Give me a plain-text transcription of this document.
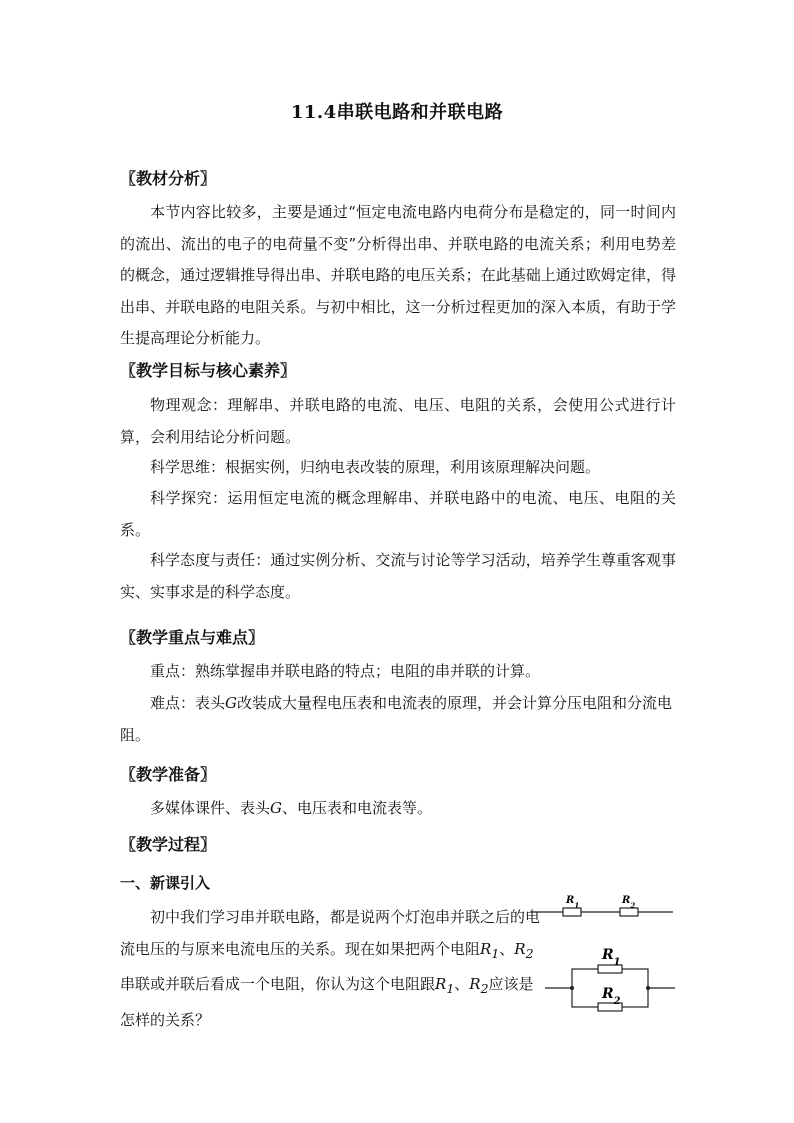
11.4串联电路和并联电路
〖教材分析〗
本节内容比较多，主要是通过“恒定电流电路内电荷分布是稳定的，同一时间内的流出、流出的电子的电荷量不变”分析得出串、并联电路的电流关系；利用电势差的概念，通过逻辑推导得出串、并联电路的电压关系；在此基础上通过欧姆定律，得出串、并联电路的电阻关系。与初中相比，这一分析过程更加的深入本质，有助于学生提高理论分析能力。
〖教学目标与核心素养〗
物理观念：理解串、并联电路的电流、电压、电阻的关系，会使用公式进行计算，会利用结论分析问题。
科学思维：根据实例，归纳电表改装的原理，利用该原理解决问题。
科学探究：运用恒定电流的概念理解串、并联电路中的电流、电压、电阻的关系。
科学态度与责任：通过实例分析、交流与讨论等学习活动，培养学生尊重客观事实、实事求是的科学态度。
〖教学重点与难点〗
重点：熟练掌握串并联电路的特点；电阻的串并联的计算。
难点：表头G改装成大量程电压表和电流表的原理，并会计算分压电阻和分流电阻。
〖教学准备〗
多媒体课件、表头G、电压表和电流表等。
〖教学过程〗
一、新课引入
初中我们学习串并联电路，都是说两个灯泡串并联之后的电流电压的与原来电流电压的关系。现在如果把两个电阻$R_1$、$R_2$串联或并联后看成一个电阻，你认为这个电阻跟$R_1$、$R_2$应该是怎样的关系？
$R_1$	$R_2$
$R_1$
$R_2$
